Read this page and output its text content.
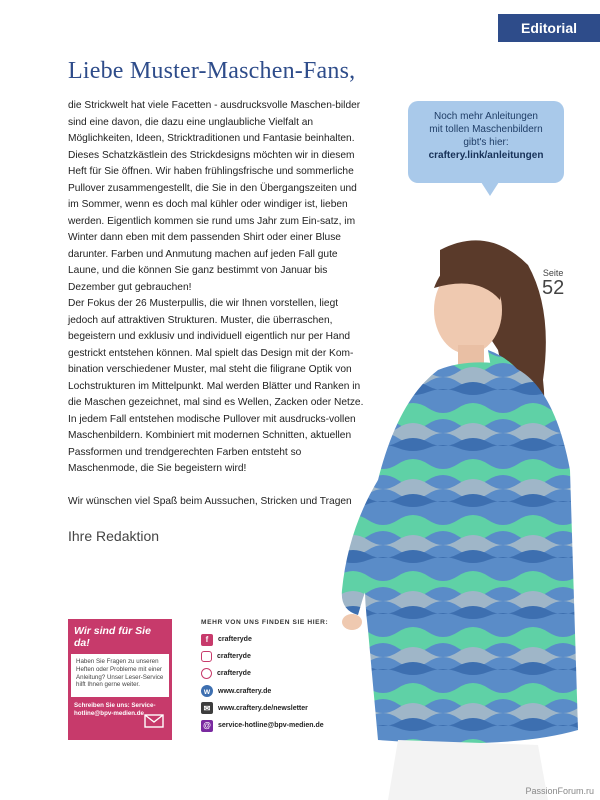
Editorial
Liebe Muster-Maschen-Fans,

die Strickwelt hat viele Facetten - ausdrucksvolle Maschen-bilder sind eine davon, die dazu eine unglaubliche Vielfalt an Möglichkeiten, Ideen, Stricktraditionen und Fantasie beinhalten. Dieses Schatzkästlein des Strickdesigns möchten wir in diesem Heft für Sie öffnen. Wir haben frühlingsfrische und sommerliche Pullover zusammengestellt, die Sie in den Übergangszeiten und im Sommer, wenn es doch mal kühler oder windiger ist, lieben werden. Eigentlich kommen sie rund ums Jahr zum Ein-satz, im Winter dann eben mit dem passenden Shirt oder einer Bluse darunter. Farben und Anmutung machen auf jeden Fall gute Laune, und die können Sie ganz bestimmt von Januar bis Dezember gut gebrauchen!

Der Fokus der 26 Musterpullis, die wir Ihnen vorstellen, liegt jedoch auf attraktiven Strukturen. Muster, die überraschen, begeistern und exklusiv und individuell eigentlich nur per Hand gestrickt entstehen können. Mal spielt das Design mit der Kom-bination verschiedener Muster, mal steht die filigrane Optik von Lochstrukturen im Mittelpunkt. Mal werden Blätter und Ranken in die Maschen gezeichnet, mal sind es Wellen, Zacken oder Netze. In jedem Fall entstehen modische Pullover mit ausdrucks-vollen Maschenbildern. Kombiniert mit modernen Schnitten, aktuellen Passformen und trendgerechten Farben entsteht so Maschenmode, die Sie begeistern wird!

Wir wünschen viel Spaß beim Aussuchen, Stricken und Tragen

Ihre Redaktion
Noch mehr Anleitungen
mit tollen Maschenbildern
gibt's hier:
craftery.link/anleitungen
Seite
52
Wir sind für Sie da!
Haben Sie Fragen zu unseren Heften oder Probleme mit einer Anleitung? Unser Leser-Service hilft Ihnen gerne weiter.
Schreiben Sie uns: Service-hotline@bpv-medien.de
MEHR VON UNS FINDEN SIE HIER:
f	crafteryde
crafteryde
crafteryde
w	www.craftery.de
✉	www.craftery.de/newsletter
@ service-hotline@bpv-medien.de
PassionForum.ru
